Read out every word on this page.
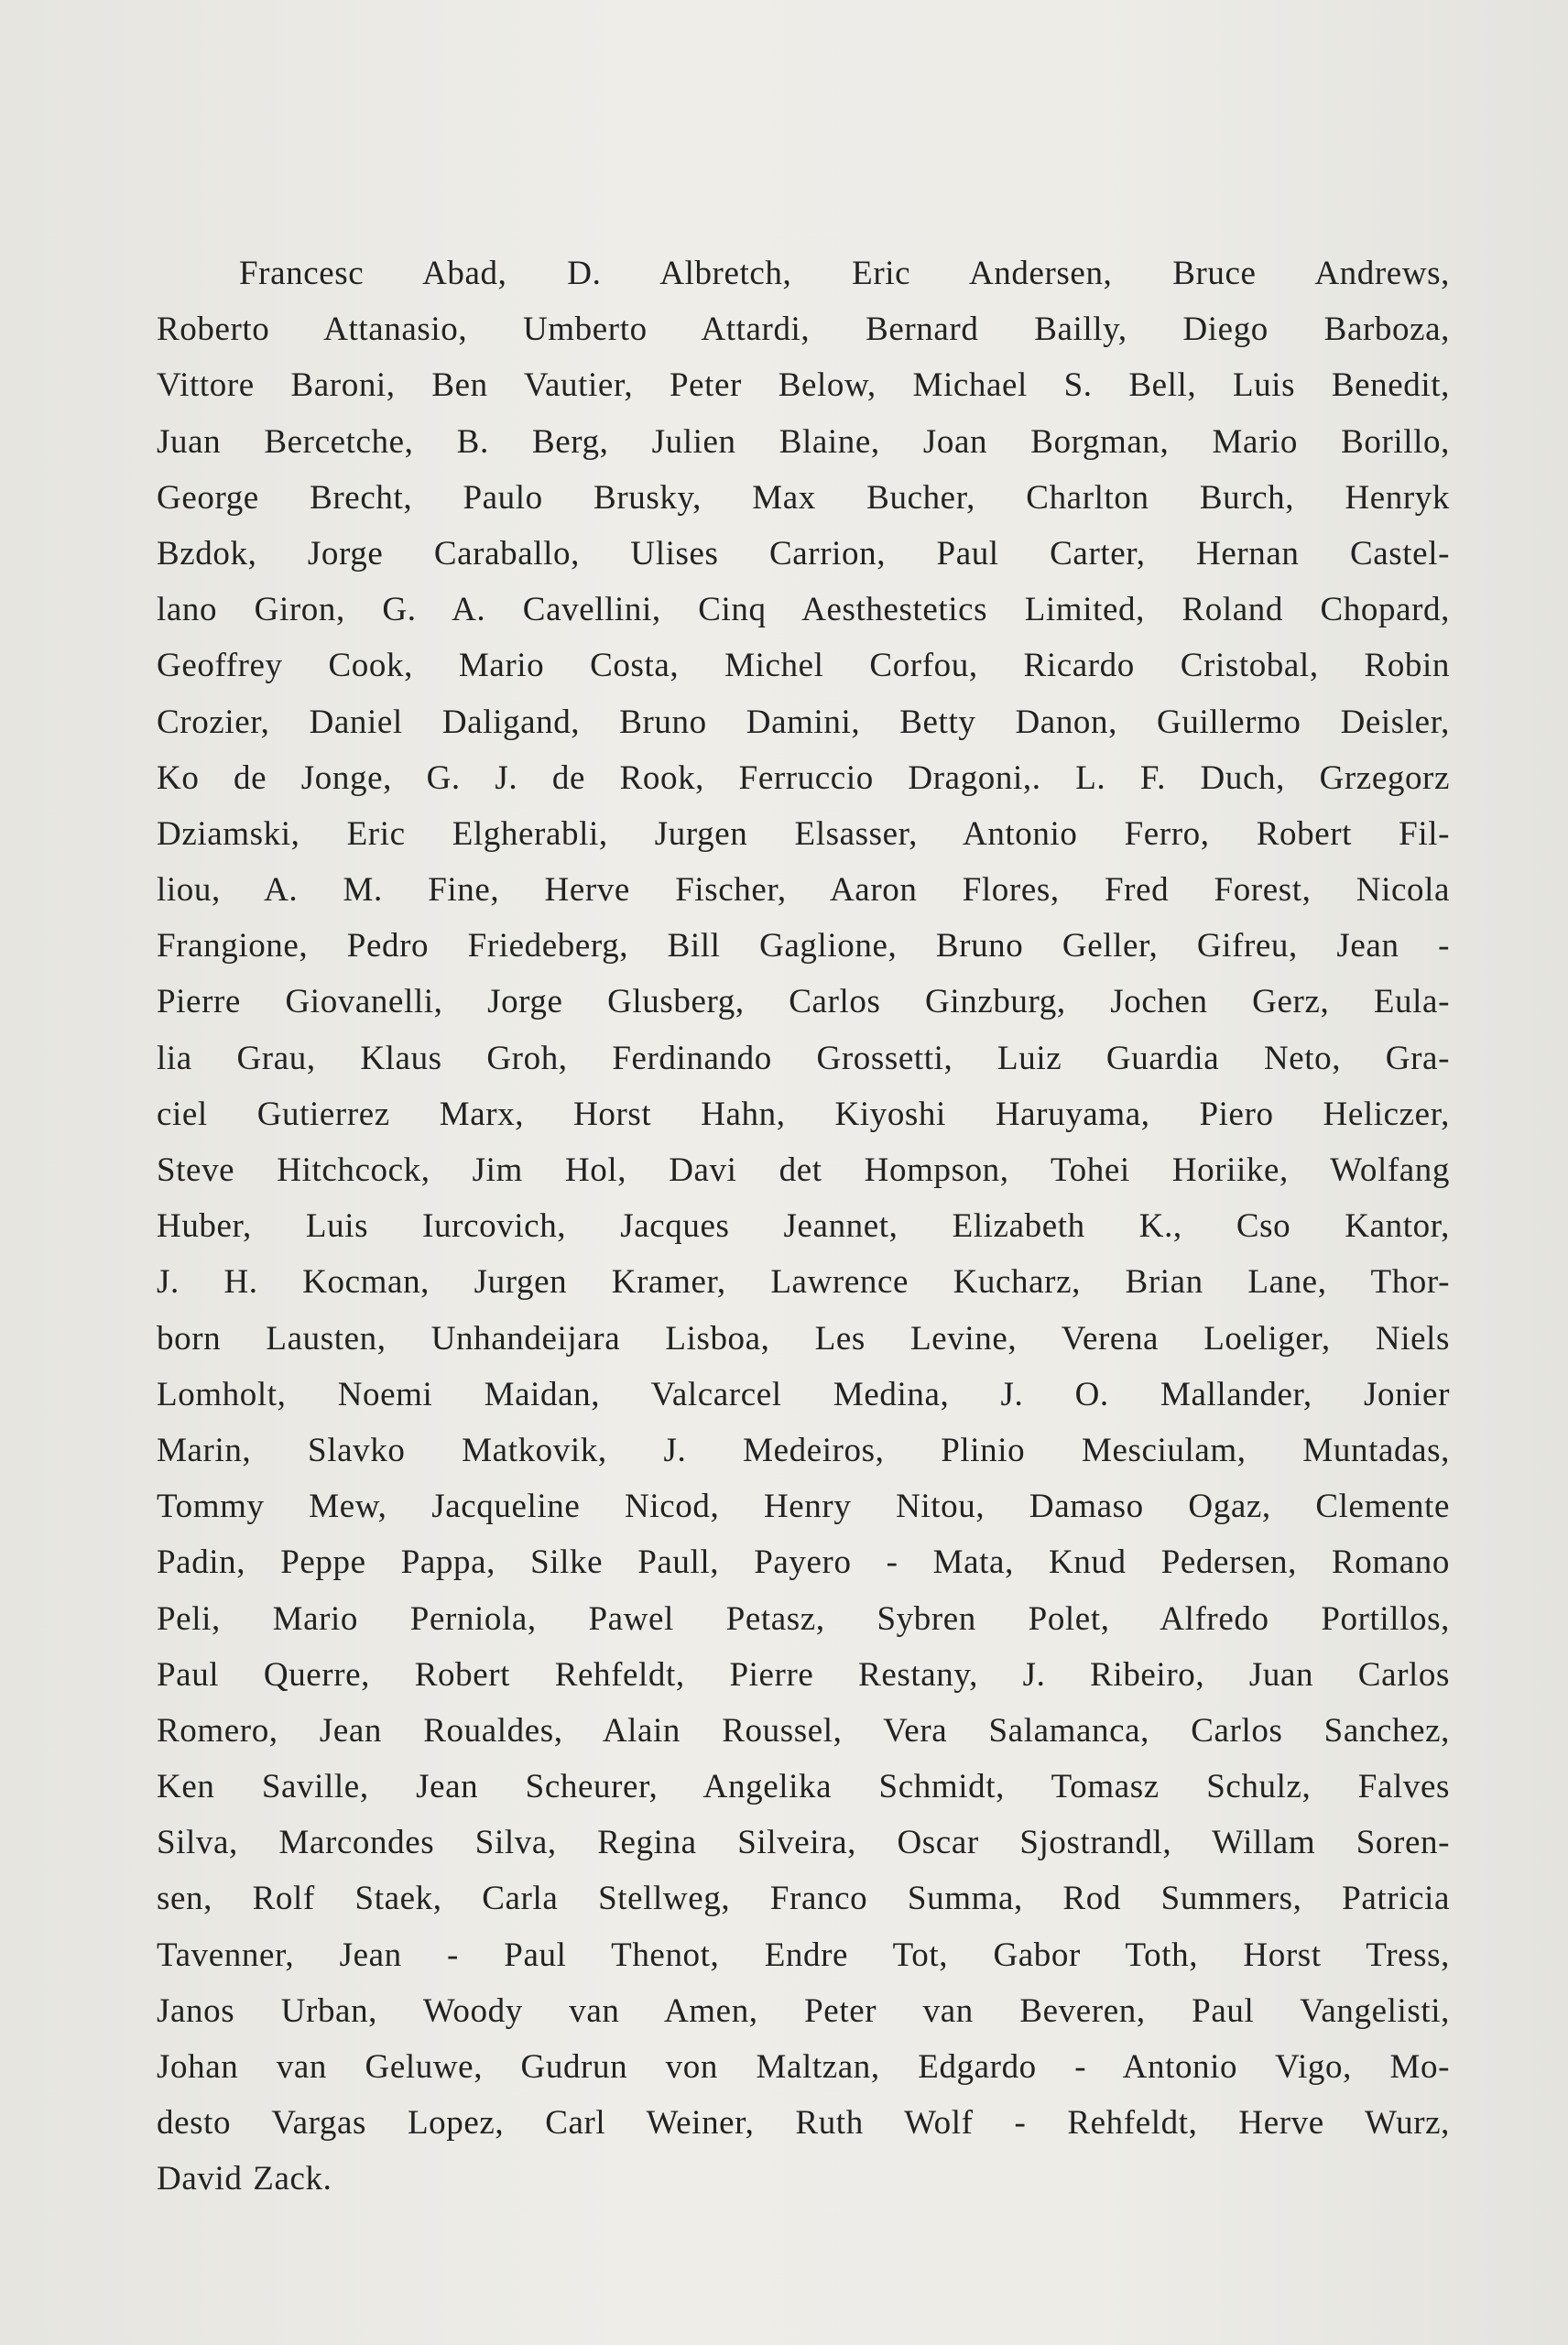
Francesc Abad, D. Albretch, Eric Andersen, Bruce Andrews,
Roberto Attanasio, Umberto Attardi, Bernard Bailly, Diego Barboza,
Vittore Baroni, Ben Vautier, Peter Below, Michael S. Bell, Luis Benedit,
Juan Bercetche, B. Berg, Julien Blaine, Joan Borgman, Mario Borillo,
George Brecht, Paulo Brusky, Max Bucher, Charlton Burch, Henryk
Bzdok, Jorge Caraballo, Ulises Carrion, Paul Carter, Hernan Castel-
lano Giron, G. A. Cavellini, Cinq Aesthestetics Limited, Roland Chopard,
Geoffrey Cook, Mario Costa, Michel Corfou, Ricardo Cristobal, Robin
Crozier, Daniel Daligand, Bruno Damini, Betty Danon, Guillermo Deisler,
Ko de Jonge, G. J. de Rook, Ferruccio Dragoni,. L. F. Duch, Grzegorz
Dziamski, Eric Elgherabli, Jurgen Elsasser, Antonio Ferro, Robert Fil-
liou, A. M. Fine, Herve Fischer, Aaron Flores, Fred Forest, Nicola
Frangione, Pedro Friedeberg, Bill Gaglione, Bruno Geller, Gifreu, Jean -
Pierre Giovanelli, Jorge Glusberg, Carlos Ginzburg, Jochen Gerz, Eula-
lia Grau, Klaus Groh, Ferdinando Grossetti, Luiz Guardia Neto, Gra-
ciel Gutierrez Marx, Horst Hahn, Kiyoshi Haruyama, Piero Heliczer,
Steve Hitchcock, Jim Hol, Davi det Hompson, Tohei Horiike, Wolfang
Huber, Luis Iurcovich, Jacques Jeannet, Elizabeth K., Cso Kantor,
J. H. Kocman, Jurgen Kramer, Lawrence Kucharz, Brian Lane, Thor-
born Lausten, Unhandeijara Lisboa, Les Levine, Verena Loeliger, Niels
Lomholt, Noemi Maidan, Valcarcel Medina, J. O. Mallander, Jonier
Marin, Slavko Matkovik, J. Medeiros, Plinio Mesciulam, Muntadas,
Tommy Mew, Jacqueline Nicod, Henry Nitou, Damaso Ogaz, Clemente
Padin, Peppe Pappa, Silke Paull, Payero - Mata, Knud Pedersen, Romano
Peli, Mario Perniola, Pawel Petasz, Sybren Polet, Alfredo Portillos,
Paul Querre, Robert Rehfeldt, Pierre Restany, J. Ribeiro, Juan Carlos
Romero, Jean Roualdes, Alain Roussel, Vera Salamanca, Carlos Sanchez,
Ken Saville, Jean Scheurer, Angelika Schmidt, Tomasz Schulz, Falves
Silva, Marcondes Silva, Regina Silveira, Oscar Sjostrandl, Willam Soren-
sen, Rolf Staek, Carla Stellweg, Franco Summa, Rod Summers, Patricia
Tavenner, Jean - Paul Thenot, Endre Tot, Gabor Toth, Horst Tress,
Janos Urban, Woody van Amen, Peter van Beveren, Paul Vangelisti,
Johan van Geluwe, Gudrun von Maltzan, Edgardo - Antonio Vigo, Mo-
desto Vargas Lopez, Carl Weiner, Ruth Wolf - Rehfeldt, Herve Wurz,
David Zack.
